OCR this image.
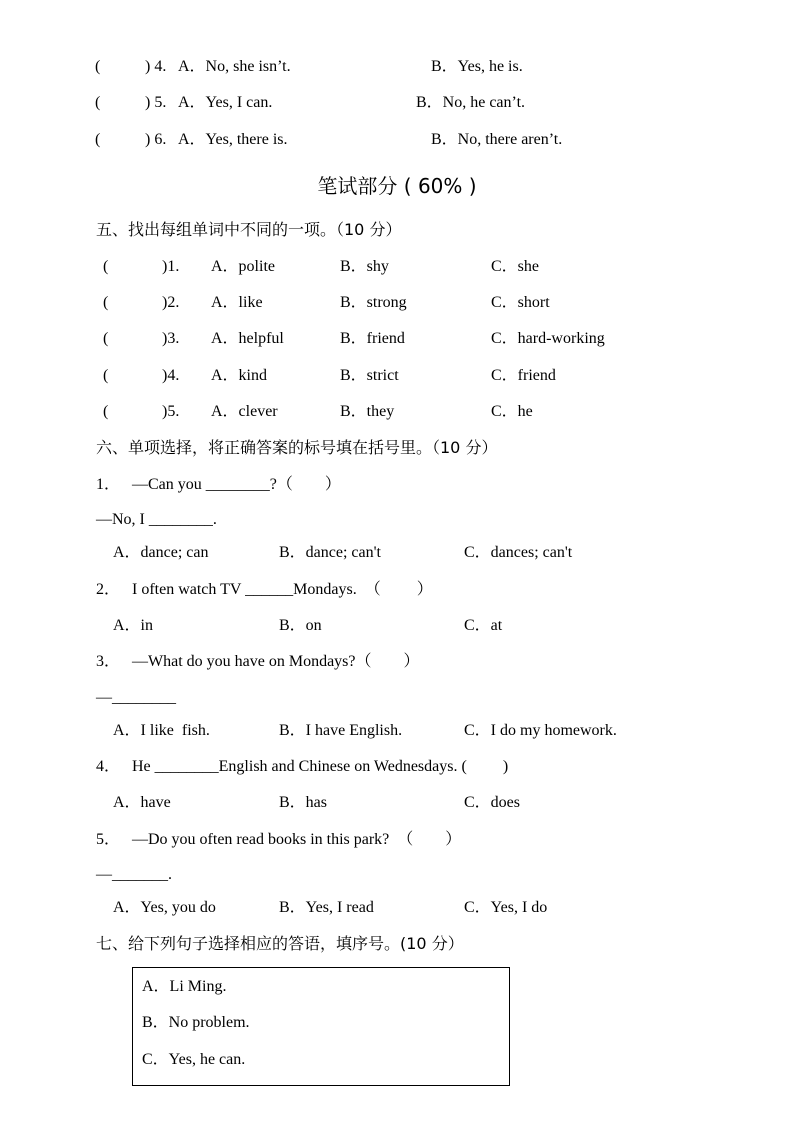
(	) 4. A．No, she isn’t.	B．Yes, he is.
(	) 5. A．Yes, I can.	B．No, he can’t.
(	) 6. A．Yes, there is.	B．No, there aren’t.
笔试部分 ( 60% )
五、找出每组单词中不同的一项。（10 分）
(	)1. A．polite	B．shy	C．she
(	)2. A．like	B．strong	C．short
(	)3. A．helpful	B．friend	C．hard-working
(	)4. A．kind	B．strict	C．friend
(	)5. A．clever	B．they	C．he
六、单项选择，将正确答案的标号填在括号里。（10 分）
1．   —Can you ________?（        ）
—No, I ________.
A．dance; can	B．dance; can't	C．dances; can't
2．   I often watch TV ______Mondays.  （         ）
A．in	B．on	C．at
3．   —What do you have on Mondays?（        ）
—________
A．I like  fish.	B．I have English.	C．I do my homework.
4．   He ________English and Chinese on Wednesdays. (         )
A．have	B．has	C．does
5．   —Do you often read books in this park?  （        ）
—_______.
A．Yes, you do	B．Yes, I read	C．Yes, I do
七、给下列句子选择相应的答语，填序号。(10 分）
A．Li Ming.
B．No problem.
C．Yes, he can.
